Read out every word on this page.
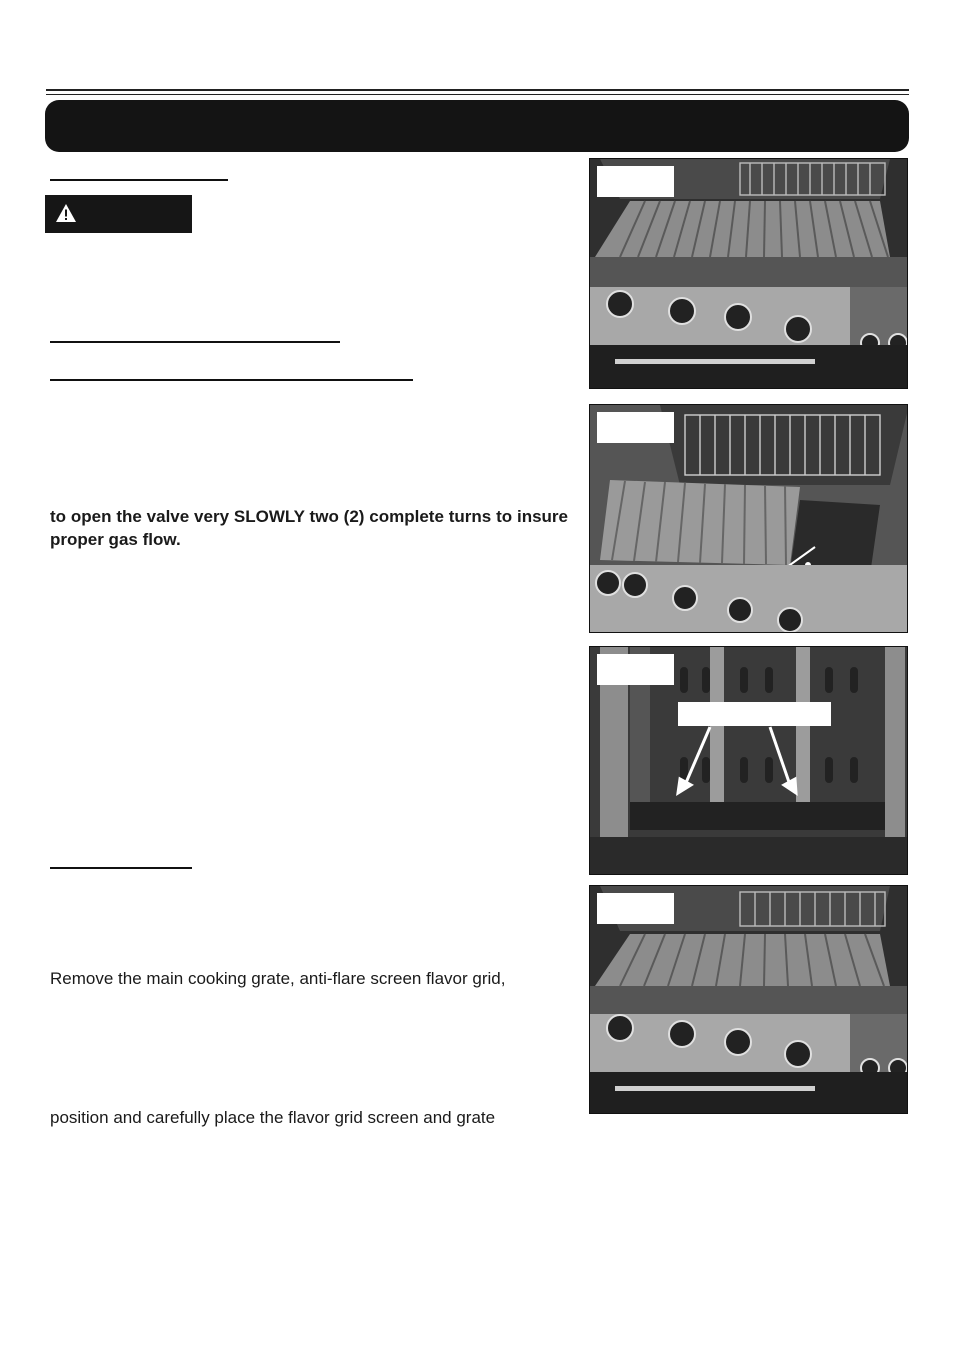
to open the valve very SLOWLY two (2) complete turns to insure proper gas flow.
Remove the main cooking grate, anti-flare screen flavor grid,
position and carefully place the flavor grid screen and grate
